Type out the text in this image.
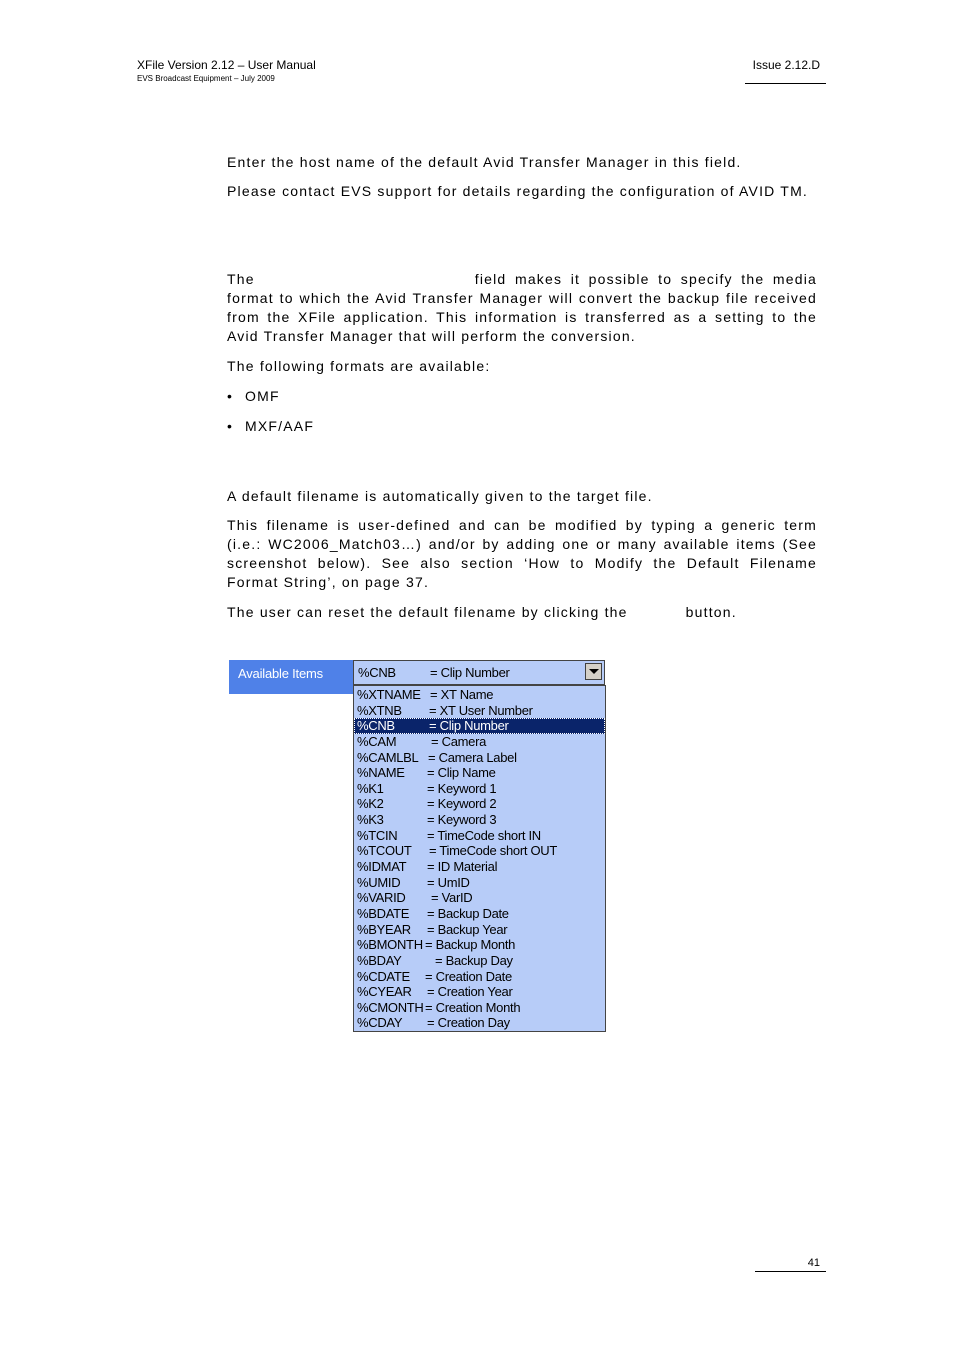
XFile Version 2.12 – User Manual
EVS Broadcast Equipment – July 2009
Issue 2.12.D

Enter the host name of the default Avid Transfer Manager in this field.

Please contact EVS support for details regarding the configuration of AVID TM.

The	field makes it possible to specify the media format to which the Avid Transfer Manager will convert the backup file received from the XFile application. This information is transferred as a setting to the Avid Transfer Manager that will perform the conversion.

The following formats are available:

• OMF
• MXF/AAF

A default filename is automatically given to the target file.

This filename is user-defined and can be modified by typing a generic term (i.e.: WC2006_Match03…) and/or by adding one or many available items (See screenshot below). See also section ‘How to Modify the Default Filename Format String’, on page 37.

The user can reset the default filename by clicking the	button.

Available Items	%CNB	= Clip Number
%XTNAME = XT Name
%XTNB = XT User Number
%CNB	= Clip Number
%CAM	= Camera
%CAMLBL = Camera Label
%NAME = Clip Name
%K1	= Keyword 1
%K2	= Keyword 2
%K3	= Keyword 3
%TCIN = TimeCode short IN
%TCOUT = TimeCode short OUT
%IDMAT = ID Material
%UMID = UmID
%VARID = VarID
%BDATE = Backup Date
%BYEAR = Backup Year
%BMONTH = Backup Month
%BDAY	= Backup Day
%CDATE = Creation Date
%CYEAR = Creation Year
%CMONTH = Creation Month
%CDAY = Creation Day
41
